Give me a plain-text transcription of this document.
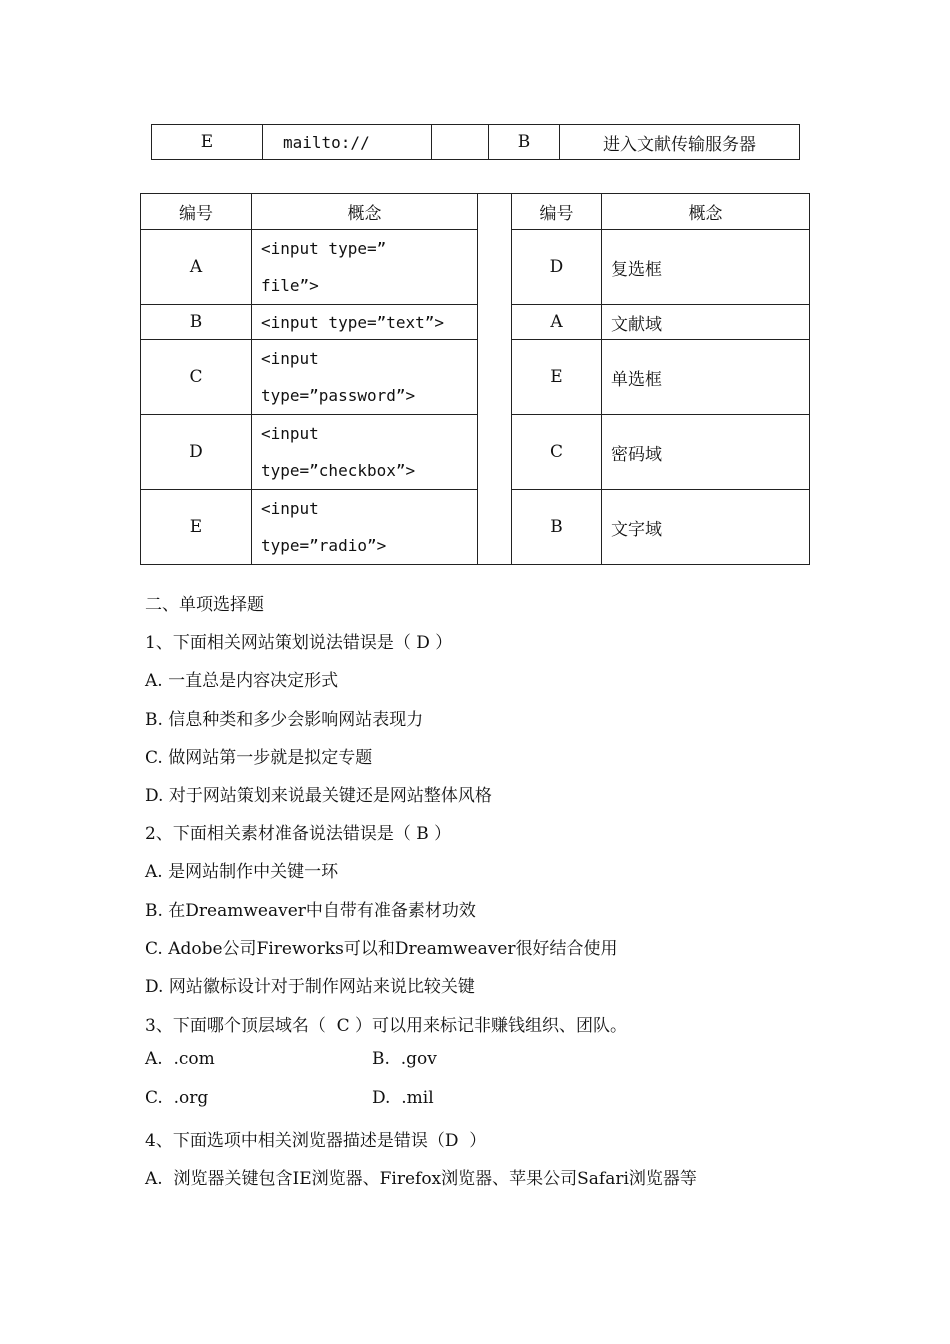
E	mailto://		B	进入文献传输服务器
编号	概念		编号	概念
A	<input type=”
file”>		D	复选框
B	<input type=”text”>		A	文献域
C	<input
type=”password”>		E	单选框
D	<input
type=”checkbox”>		C	密码域
E	<input
type=”radio”>		B	文字域
二、单项选择题
1、下面相关网站策划说法错误是（ D ）
A. 一直总是内容决定形式
B. 信息种类和多少会影响网站表现力
C. 做网站第一步就是拟定专题
D. 对于网站策划来说最关键还是网站整体风格
2、下面相关素材准备说法错误是（ B ）
A. 是网站制作中关键一环
B. 在Dreamweaver中自带有准备素材功效
C. Adobe公司Fireworks可以和Dreamweaver很好结合使用
D. 网站徽标设计对于制作网站来说比较关键
3、下面哪个顶层域名（  C ）可以用来标记非赚钱组织、团队。
A.  .com	B.  .gov
C.  .org	D.  .mil
4、下面选项中相关浏览器描述是错误（D  ）
A.  浏览器关键包含IE浏览器、Firefox浏览器、苹果公司Safari浏览器等
